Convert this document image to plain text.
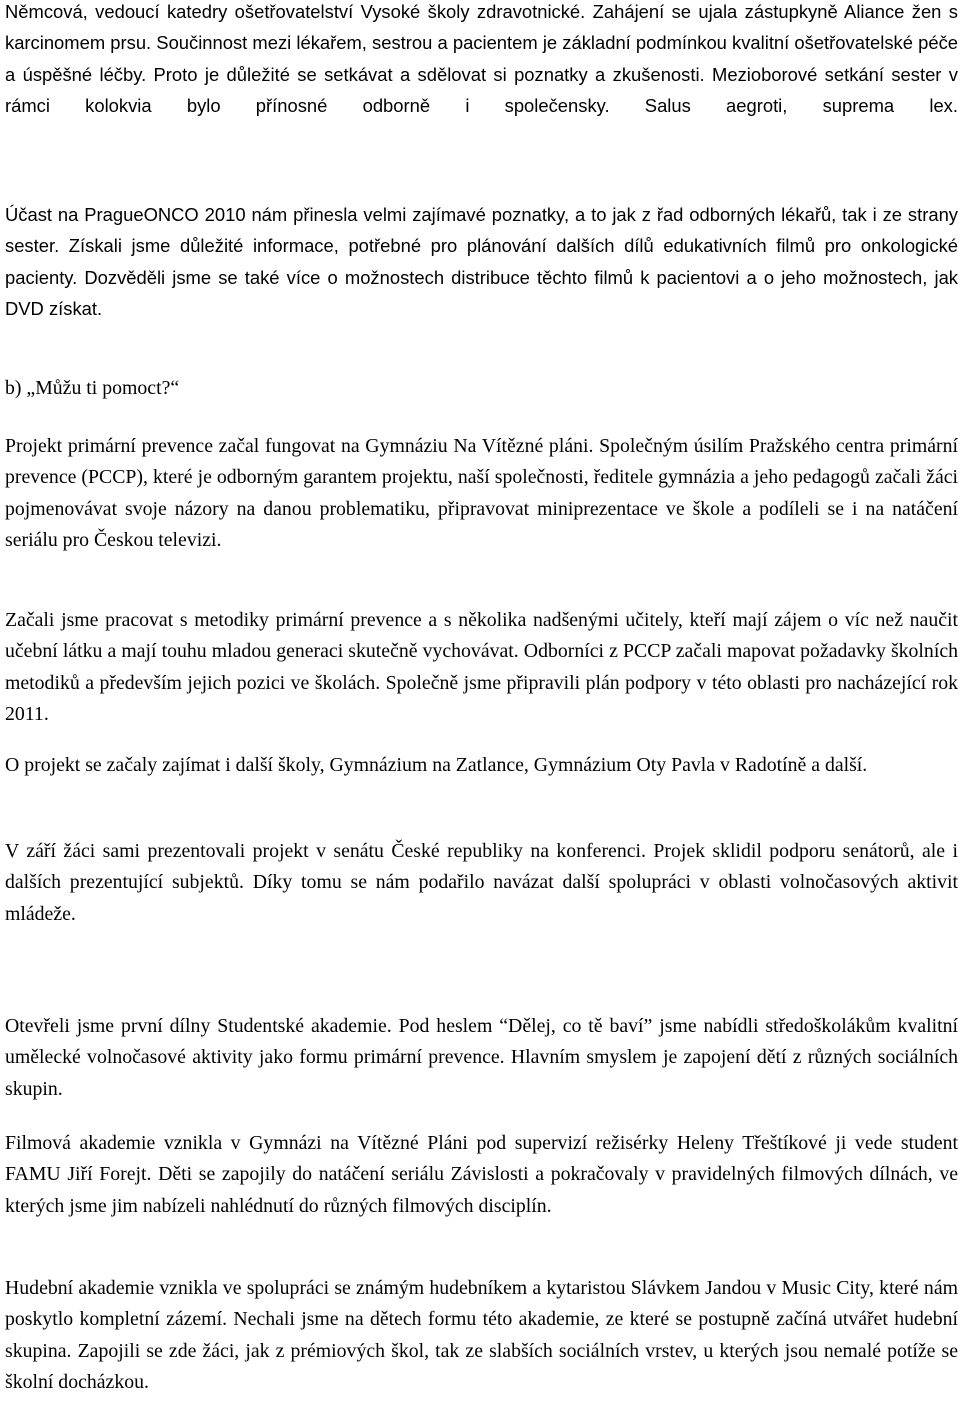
Němcová, vedoucí katedry ošetřovatelství Vysoké školy zdravotnické. Zahájení se ujala zástupkyně Aliance žen s karcinomem prsu. Součinnost mezi lékařem, sestrou a pacientem je základní podmínkou kvalitní ošetřovatelské péče a úspěšné léčby. Proto je důležité se setkávat a sdělovat si poznatky a zkušenosti. Mezioborové setkání sester v rámci kolokvia bylo přínosné odborně i společensky. Salus aegroti, suprema lex.

Účast na PragueONCO 2010 nám přinesla velmi zajímavé poznatky, a to jak z řad odborných lékařů, tak i ze strany sester. Získali jsme důležité informace, potřebné pro plánování dalších dílů edukativních filmů pro onkologické pacienty. Dozvěděli jsme se také více o možnostech distribuce těchto filmů k pacientovi a o jeho možnostech, jak DVD získat.

b) „Můžu ti pomoct?“

Projekt primární prevence začal fungovat na Gymnáziu Na Vítězné pláni. Společným úsilím Pražského centra primární prevence (PCCP), které je odborným garantem projektu, naší společnosti, ředitele gymnázia a jeho pedagogů začali žáci pojmenovávat svoje názory na danou problematiku, připravovat miniprezentace ve škole a podíleli se i na natáčení seriálu pro Českou televizi.

Začali jsme pracovat s metodiky primární prevence a s několika nadšenými učitely, kteří mají zájem o víc než naučit učební látku a mají touhu mladou generaci skutečně vychovávat. Odborníci z PCCP začali mapovat požadavky školních metodiků a především jejich pozici ve školách. Společně jsme připravili plán podpory v této oblasti pro nacházející rok 2011.

O projekt se začaly zajímat i další školy, Gymnázium na Zatlance, Gymnázium Oty Pavla v Radotíně a další.

V září žáci sami prezentovali projekt v senátu České republiky na konferenci. Projek sklidil podporu senátorů, ale i dalších prezentující subjektů. Díky tomu se nám podařilo navázat další spolupráci v oblasti volnočasových aktivit mládeže.

Otevřeli jsme první dílny Studentské akademie. Pod heslem “Dělej, co tě baví” jsme nabídli středoškolákům kvalitní umělecké volnočasové aktivity jako formu primární prevence. Hlavním smyslem je zapojení dětí z různých sociálních skupin.

Filmová akademie vznikla v Gymnázi na Vítězné Pláni pod supervizí režisérky Heleny Třeštíkové ji vede student FAMU Jiří Forejt. Děti se zapojily do natáčení seriálu Závislosti a pokračovaly v pravidelných filmových dílnách, ve kterých jsme jim nabízeli nahlédnutí do různých filmových disciplín.

Hudební akademie vznikla ve spolupráci se známým hudebníkem a kytaristou Slávkem Jandou v Music City, které nám poskytlo kompletní zázemí. Nechali jsme na dětech formu této akademie, ze které se postupně začíná utvářet hudební skupina. Zapojili se zde žáci, jak z prémiových škol, tak ze slabších sociálních vrstev, u kterých jsou nemalé potíže se školní docházkou.
